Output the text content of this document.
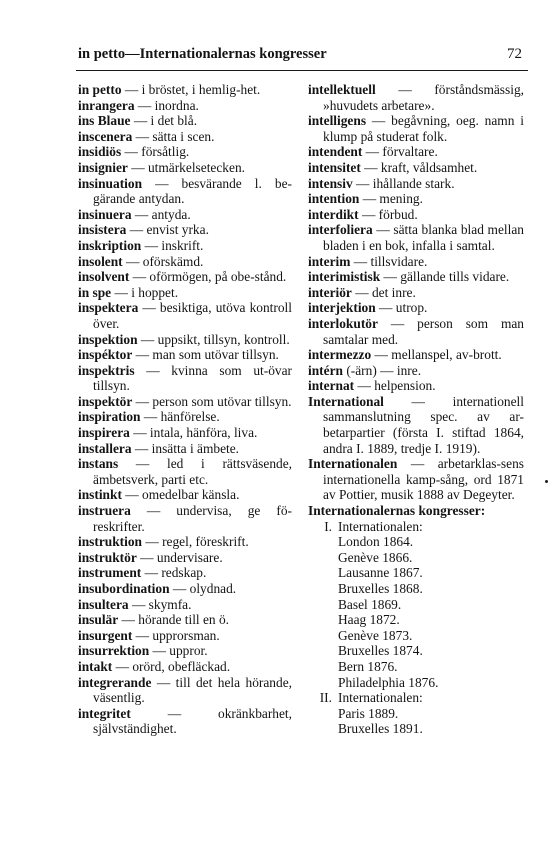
in petto—Internationalernas kongresser	72
in petto — i bröstet, i hemlig-het.
inrangera — inordna.
ins Blaue — i det blå.
inscenera — sätta i scen.
insidiös — försåtlig.
insignier — utmärkelsetecken.
insinuation — besvärande l. be-gärande antydan.
insinuera — antyda.
insistera — envist yrka.
inskription — inskrift.
insolent — oförskämd.
insolvent — oförmögen, på obe-stånd.
in spe — i hoppet.
inspektera — besiktiga, utöva kontroll över.
inspektion — uppsikt, tillsyn, kontroll.
inspéktor — man som utövar tillsyn.
inspektris — kvinna som ut-övar tillsyn.
inspektör — person som utövar tillsyn.
inspiration — hänförelse.
inspirera — intala, hänföra, liva.
installera — insätta i ämbete.
instans — led i rättsväsende, ämbetsverk, parti etc.
instinkt — omedelbar känsla.
instruera — undervisa, ge fö-reskrifter.
instruktion — regel, föreskrift.
instruktör — undervisare.
instrument — redskap.
insubordination — olydnad.
insultera — skymfa.
insulär — hörande till en ö.
insurgent — upprorsman.
insurrektion — uppror.
intakt — orörd, obefläckad.
integrerande — till det hela hörande, väsentlig.
integritet — okränkbarhet, självständighet.
intellektuell — förståndsmässig, »huvudets arbetare».
intelligens — begåvning, oeg. namn i klump på studerat folk.
intendent — förvaltare.
intensitet — kraft, våldsamhet.
intensiv — ihållande stark.
intention — mening.
interdikt — förbud.
interfoliera — sätta blanka blad mellan bladen i en bok, infalla i samtal.
interim — tillsvidare.
interimistisk — gällande tills vidare.
interiör — det inre.
interjektion — utrop.
interlokutör — person som man samtalar med.
intermezzo — mellanspel, av-brott.
intérn (-ärn) — inre.
internat — helpension.
International — internationell sammanslutning spec. av ar-betarpartier (första I. stiftad 1864, andra I. 1889, tredje I. 1919).
Internationalen — arbetarklas-sens internationella kamp-sång, ord 1871 av Pottier, musik 1888 av Degeyter.
Internationalernas kongresser:
I. Internationalen:
London 1864.
Genève 1866.
Lausanne 1867.
Bruxelles 1868.
Basel 1869.
Haag 1872.
Genève 1873.
Bruxelles 1874.
Bern 1876.
Philadelphia 1876.
II. Internationalen:
Paris 1889.
Bruxelles 1891.
